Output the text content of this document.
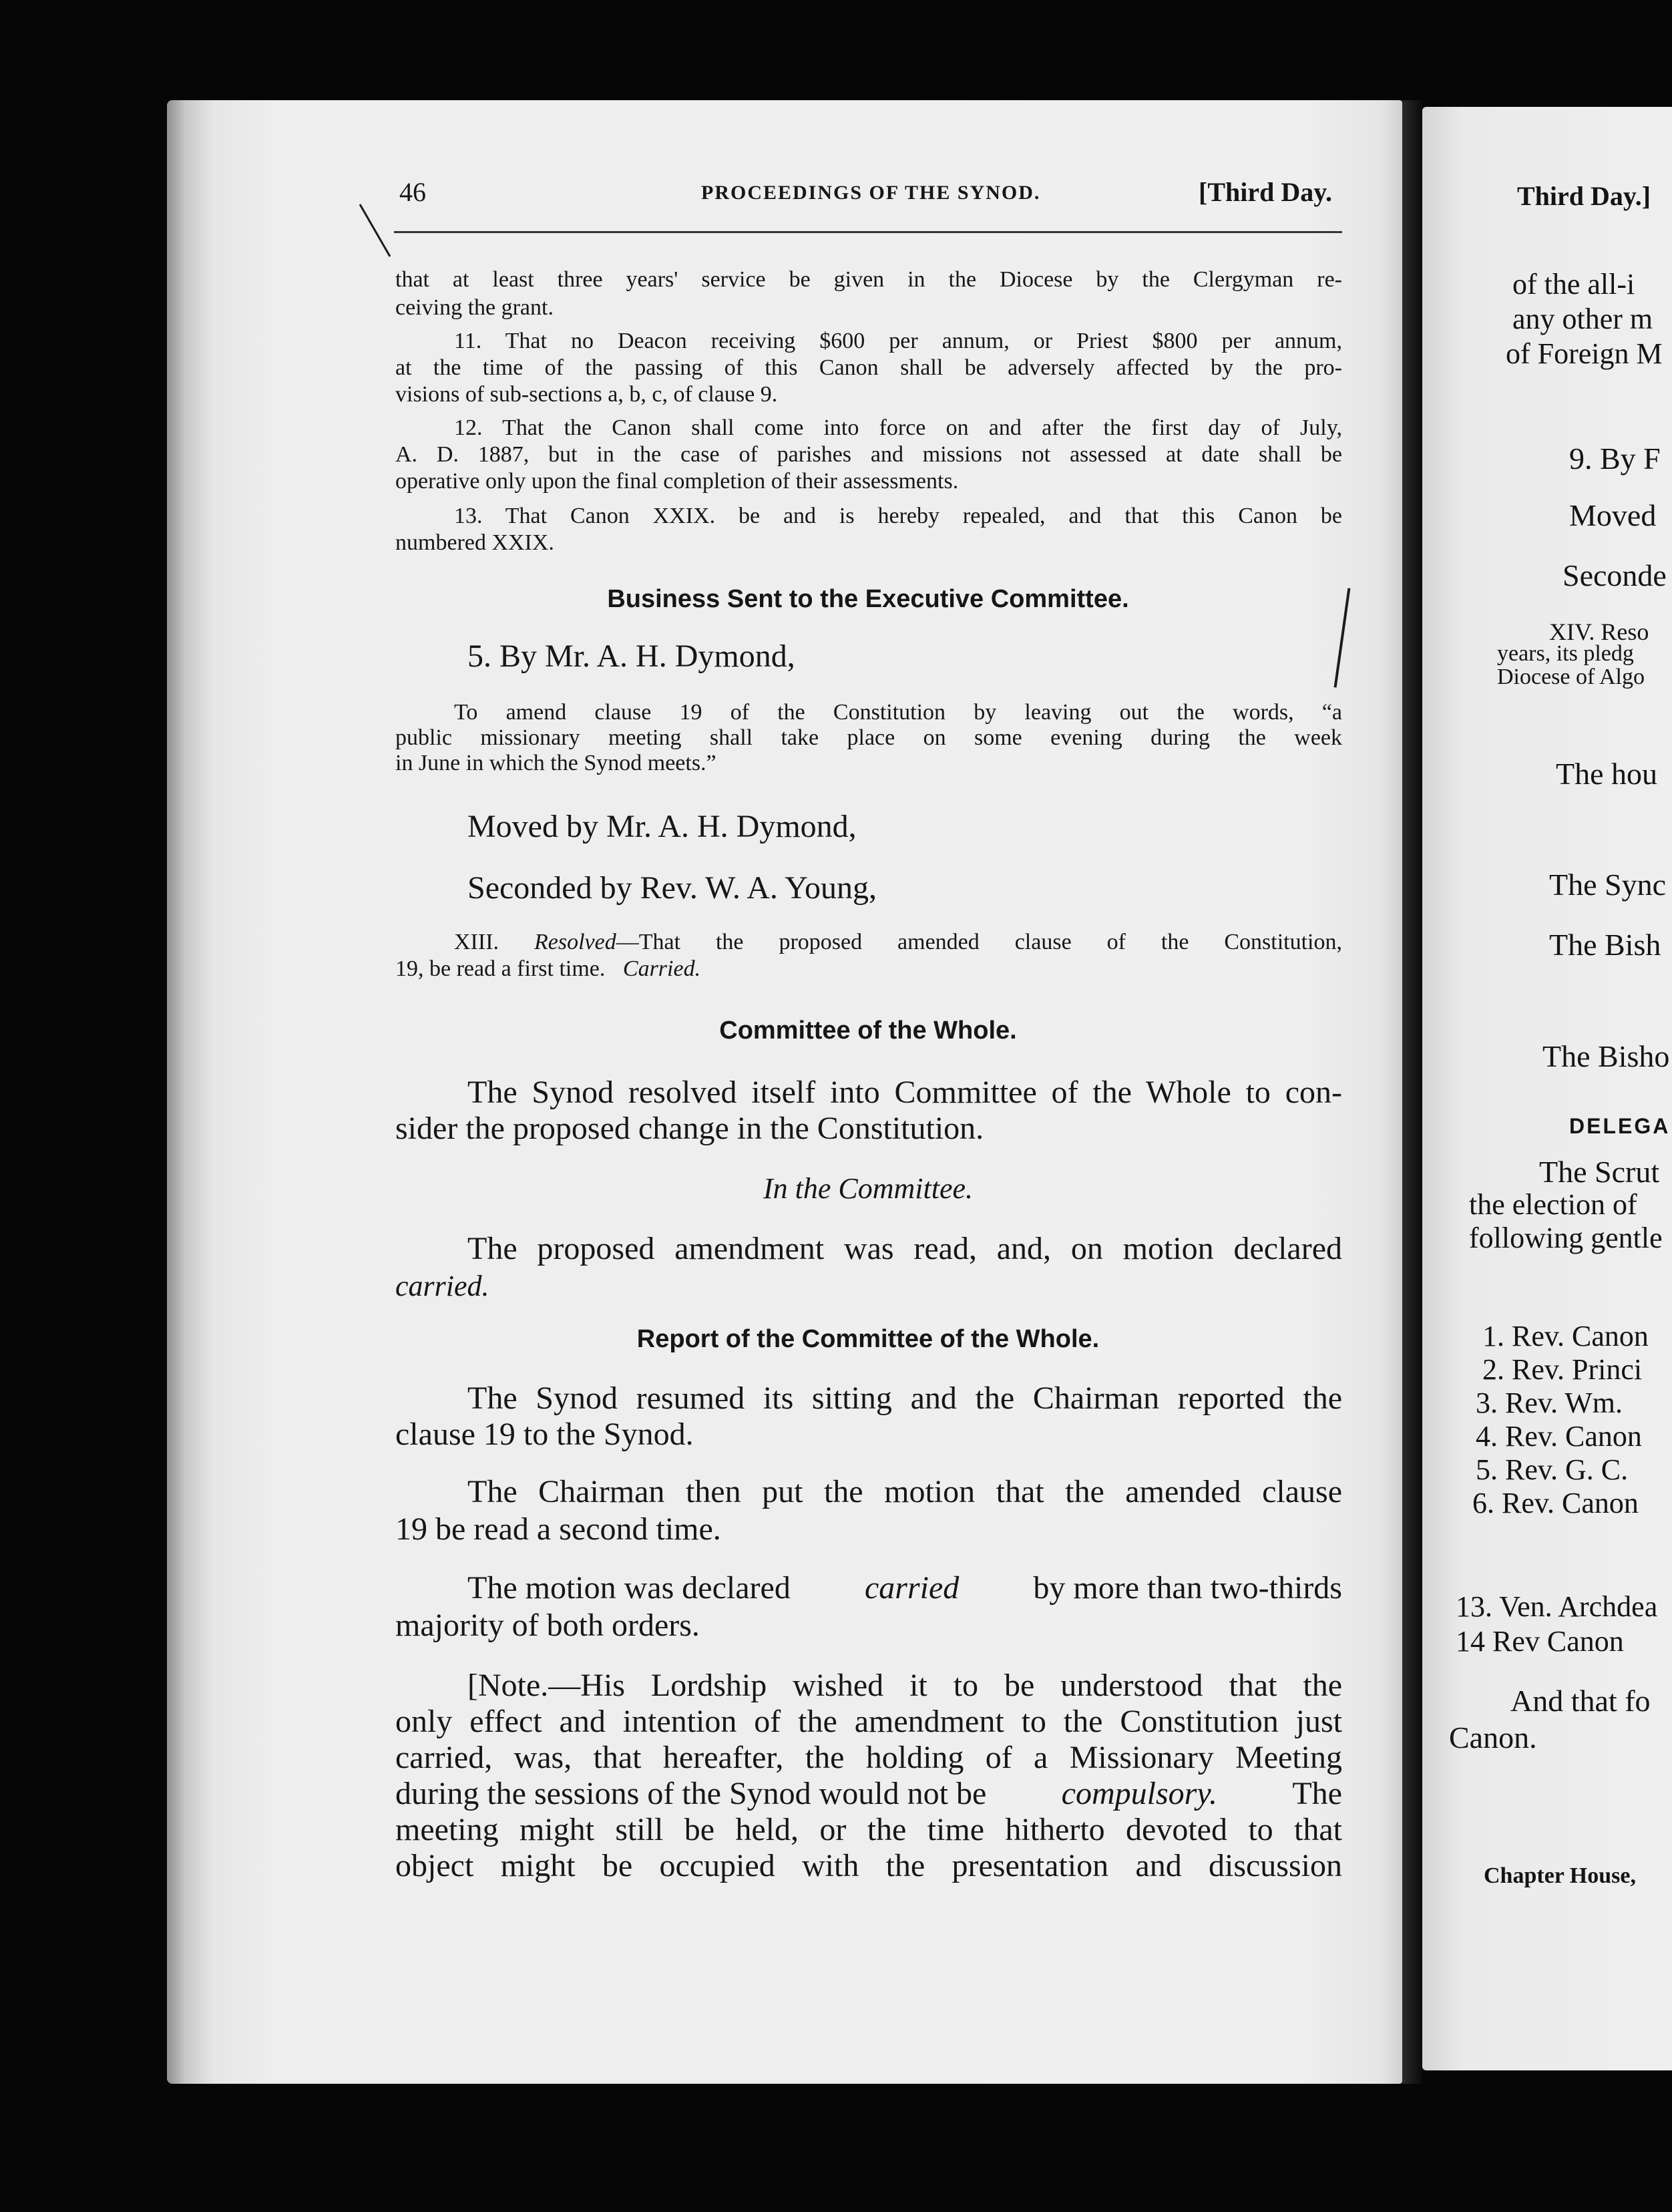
46	PROCEEDINGS OF THE SYNOD.	[Third Day.
that at least three years' service be given in the Diocese by the Clergyman re-
ceiving the grant.
11. That no Deacon receiving $600 per annum, or Priest $800 per annum,
at the time of the passing of this Canon shall be adversely affected by the pro-
visions of sub-sections a, b, c, of clause 9.
12. That the Canon shall come into force on and after the first day of July,
A. D. 1887, but in the case of parishes and missions not assessed at date shall be
operative only upon the final completion of their assessments.
13. That Canon XXIX. be and is hereby repealed, and that this Canon be
numbered XXIX.
Business Sent to the Executive Committee.
5. By Mr. A. H. Dymond,
To amend clause 19 of the Constitution by leaving out the words, “a
public missionary meeting shall take place on some evening during the week
in June in which the Synod meets.”
Moved by Mr. A. H. Dymond,
Seconded by Rev. W. A. Young,
XIII. Resolved—That the proposed amended clause of the Constitution,
19, be read a first time. Carried.
Committee of the Whole.
The Synod resolved itself into Committee of the Whole to con-
sider the proposed change in the Constitution.
In the Committee.
The proposed amendment was read, and, on motion declared
carried.
Report of the Committee of the Whole.
The Synod resumed its sitting and the Chairman reported the
clause 19 to the Synod.
The Chairman then put the motion that the amended clause
19 be read a second time.
The motion was declared carried by more than two-thirds
majority of both orders.
[Note.—His Lordship wished it to be understood that the
only effect and intention of the amendment to the Constitution just
carried, was, that hereafter, the holding of a Missionary Meeting
during the sessions of the Synod would not be compulsory. The
meeting might still be held, or the time hitherto devoted to that
object might be occupied with the presentation and discussion
Third Day.]
of the all-i
any other m
of Foreign M
9. By F
Moved
Seconde
XIV. Reso
years, its pledg
Diocese of Algo
The hou
The Sync
The Bish
The Bisho
DELEGA
The Scrut
the election of
following gentle
1. Rev. Canon
2. Rev. Princi
3. Rev. Wm.
4. Rev. Canon
5. Rev. G. C.
6. Rev. Canon
13. Ven. Archdea
14 Rev Canon
And that fo
Canon.
Chapter House,
